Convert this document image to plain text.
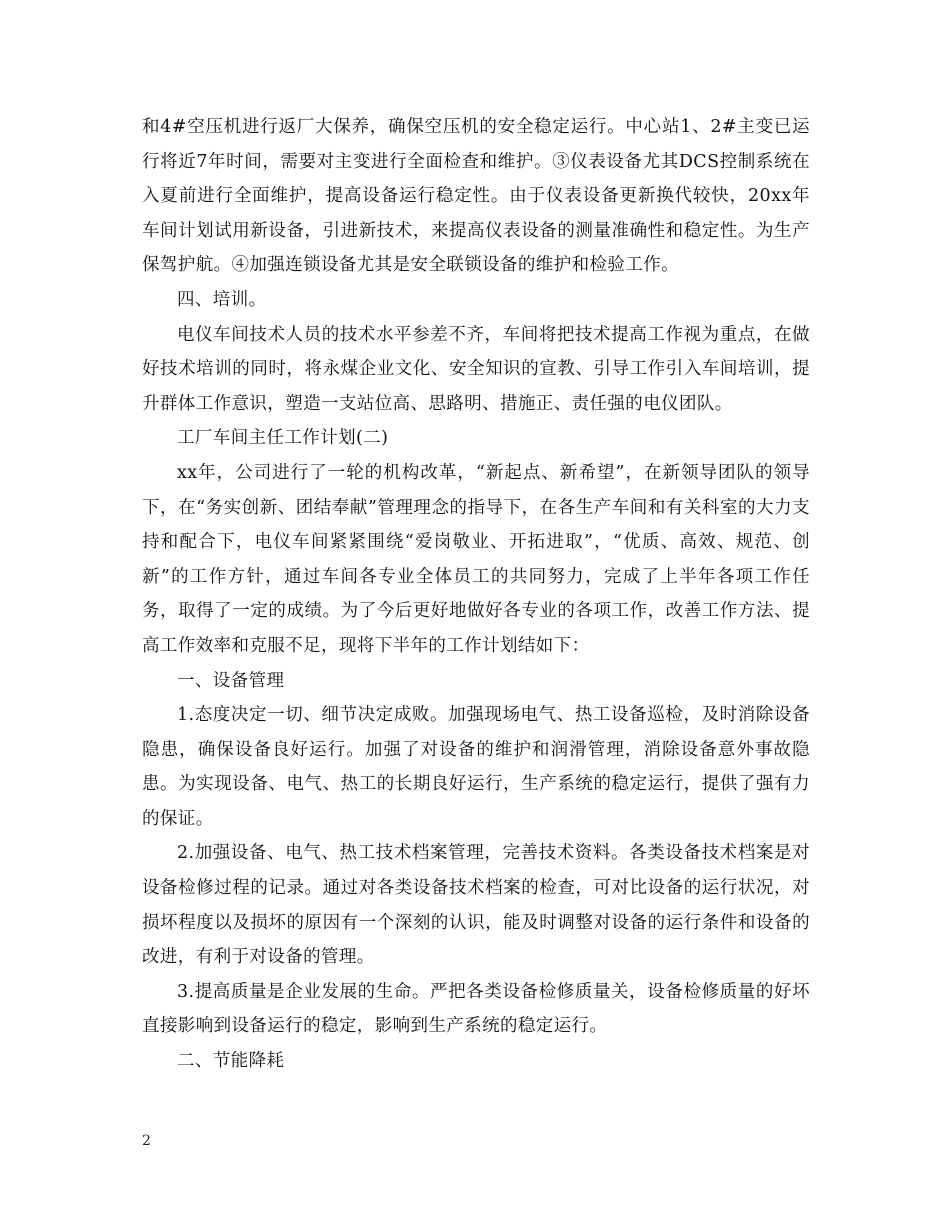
和4#空压机进行返厂大保养，确保空压机的安全稳定运行。中心站1、2#主变已运行将近7年时间，需要对主变进行全面检查和维护。③仪表设备尤其DCS控制系统在入夏前进行全面维护，提高设备运行稳定性。由于仪表设备更新换代较快，20xx年车间计划试用新设备，引进新技术，来提高仪表设备的测量准确性和稳定性。为生产保驾护航。④加强连锁设备尤其是安全联锁设备的维护和检验工作。

四、培训。

电仪车间技术人员的技术水平参差不齐，车间将把技术提高工作视为重点，在做好技术培训的同时，将永煤企业文化、安全知识的宣教、引导工作引入车间培训，提升群体工作意识，塑造一支站位高、思路明、措施正、责任强的电仪团队。

工厂车间主任工作计划(二)

xx年，公司进行了一轮的机构改革，“新起点、新希望”，在新领导团队的领导下，在“务实创新、团结奉献”管理理念的指导下，在各生产车间和有关科室的大力支持和配合下，电仪车间紧紧围绕“爱岗敬业、开拓进取”，“优质、高效、规范、创新”的工作方针，通过车间各专业全体员工的共同努力，完成了上半年各项工作任务，取得了一定的成绩。为了今后更好地做好各专业的各项工作，改善工作方法、提高工作效率和克服不足，现将下半年的工作计划结如下：

一、设备管理

1.态度决定一切、细节决定成败。加强现场电气、热工设备巡检，及时消除设备隐患，确保设备良好运行。加强了对设备的维护和润滑管理，消除设备意外事故隐患。为实现设备、电气、热工的长期良好运行，生产系统的稳定运行，提供了强有力的保证。

2.加强设备、电气、热工技术档案管理，完善技术资料。各类设备技术档案是对设备检修过程的记录。通过对各类设备技术档案的检查，可对比设备的运行状况，对损坏程度以及损坏的原因有一个深刻的认识，能及时调整对设备的运行条件和设备的改进，有利于对设备的管理。

3.提高质量是企业发展的生命。严把各类设备检修质量关，设备检修质量的好坏直接影响到设备运行的稳定，影响到生产系统的稳定运行。

二、节能降耗

2
